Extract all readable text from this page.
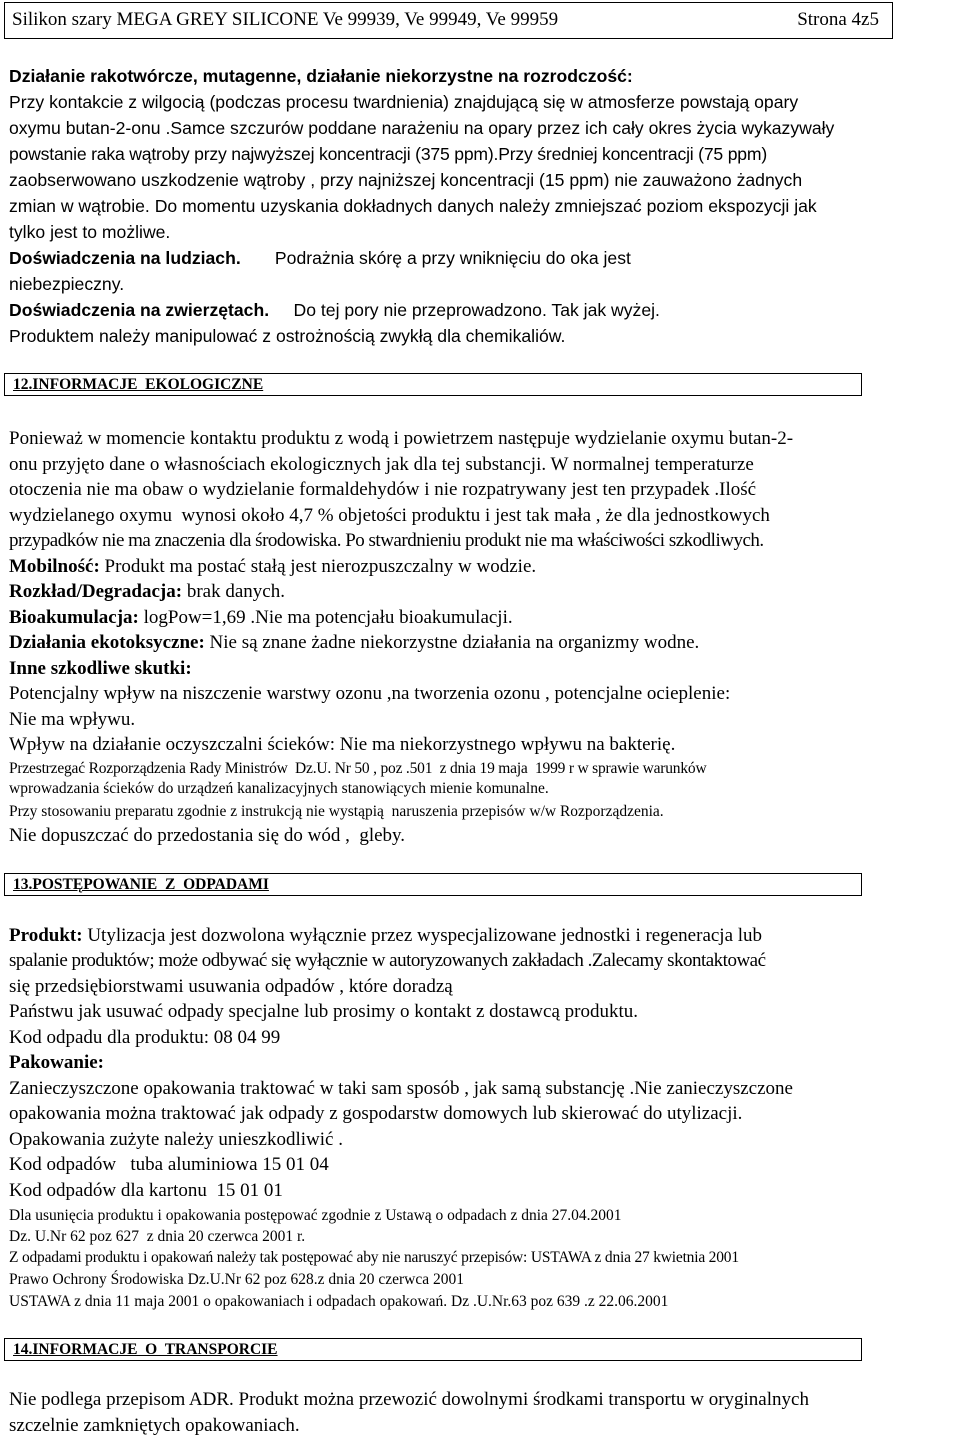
Silikon szary MEGA GREY SILICONE Ve 99939, Ve 99949, Ve 99959	Strona 4z5
Działanie rakotwórcze, mutagenne, działanie niekorzystne na rozrodczość:
Przy kontakcie z wilgocią (podczas procesu twardnienia) znajdującą się w atmosferze powstają opary
oxymu butan-2-onu .Samce szczurów poddane narażeniu na opary przez ich cały okres życia wykazywały
powstanie raka wątroby przy najwyższej koncentracji (375 ppm).Przy średniej koncentracji (75 ppm)
zaobserwowano uszkodzenie wątroby , przy najniższej koncentracji (15 ppm) nie zauważono żadnych
zmian w wątrobie. Do momentu uzyskania dokładnych danych należy zmniejszać poziom ekspozycji jak
tylko jest to możliwe.
Doświadczenia na ludziach.       Podrażnia skórę a przy wniknięciu do oka jest
niebezpieczny.
Doświadczenia na zwierzętach.     Do tej pory nie przeprowadzono. Tak jak wyżej.
Produktem należy manipulować z ostrożnością zwykłą dla chemikaliów.
12.INFORMACJE  EKOLOGICZNE
Ponieważ w momencie kontaktu produktu z wodą i powietrzem następuje wydzielanie oxymu butan-2-
onu przyjęto dane o własnościach ekologicznych jak dla tej substancji. W normalnej temperaturze
otoczenia nie ma obaw o wydzielanie formaldehydów i nie rozpatrywany jest ten przypadek .Ilość
wydzielanego oxymu  wynosi około 4,7 % objetości produktu i jest tak mała , że dla jednostkowych
przypadków nie ma znaczenia dla środowiska. Po stwardnieniu produkt nie ma właściwości szkodliwych.
Mobilność: Produkt ma postać stałą jest nierozpuszczalny w wodzie.
Rozkład/Degradacja: brak danych.
Bioakumulacja: logPow=1,69 .Nie ma potencjału bioakumulacji.
Działania ekotoksyczne: Nie są znane żadne niekorzystne działania na organizmy wodne.
Inne szkodliwe skutki:
Potencjalny wpływ na niszczenie warstwy ozonu ,na tworzenia ozonu , potencjalne ocieplenie:
Nie ma wpływu.
Wpływ na działanie oczyszczalni ścieków: Nie ma niekorzystnego wpływu na bakterię.
Przestrzegać Rozporządzenia Rady Ministrów  Dz.U. Nr 50 , poz .501  z dnia 19 maja  1999 r w sprawie warunków
wprowadzania ścieków do urządzeń kanalizacyjnych stanowiących mienie komunalne.
Przy stosowaniu preparatu zgodnie z instrukcją nie wystąpią  naruszenia przepisów w/w Rozporządzenia.
Nie dopuszczać do przedostania się do wód ,  gleby.
13.POSTĘPOWANIE  Z  ODPADAMI
Produkt: Utylizacja jest dozwolona wyłącznie przez wyspecjalizowane jednostki i regeneracja lub
spalanie produktów; może odbywać się wyłącznie w autoryzowanych zakładach .Zalecamy skontaktować
się przedsiębiorstwami usuwania odpadów , które doradzą
Państwu jak usuwać odpady specjalne lub prosimy o kontakt z dostawcą produktu.
Kod odpadu dla produktu: 08 04 99
Pakowanie:
Zanieczyszczone opakowania traktować w taki sam sposób , jak samą substancję .Nie zanieczyszczone
opakowania można traktować jak odpady z gospodarstw domowych lub skierować do utylizacji.
Opakowania zużyte należy unieszkodliwić .
Kod odpadów   tuba aluminiowa 15 01 04
Kod odpadów dla kartonu  15 01 01
Dla usunięcia produktu i opakowania postępować zgodnie z Ustawą o odpadach z dnia 27.04.2001
Dz. U.Nr 62 poz 627  z dnia 20 czerwca 2001 r.
Z odpadami produktu i opakowań należy tak postępować aby nie naruszyć przepisów: USTAWA z dnia 27 kwietnia 2001
Prawo Ochrony Środowiska Dz.U.Nr 62 poz 628.z dnia 20 czerwca 2001
USTAWA z dnia 11 maja 2001 o opakowaniach i odpadach opakowań. Dz .U.Nr.63 poz 639 .z 22.06.2001
14.INFORMACJE  O  TRANSPORCIE
Nie podlega przepisom ADR. Produkt można przewozić dowolnymi środkami transportu w oryginalnych
szczelnie zamkniętych opakowaniach.
